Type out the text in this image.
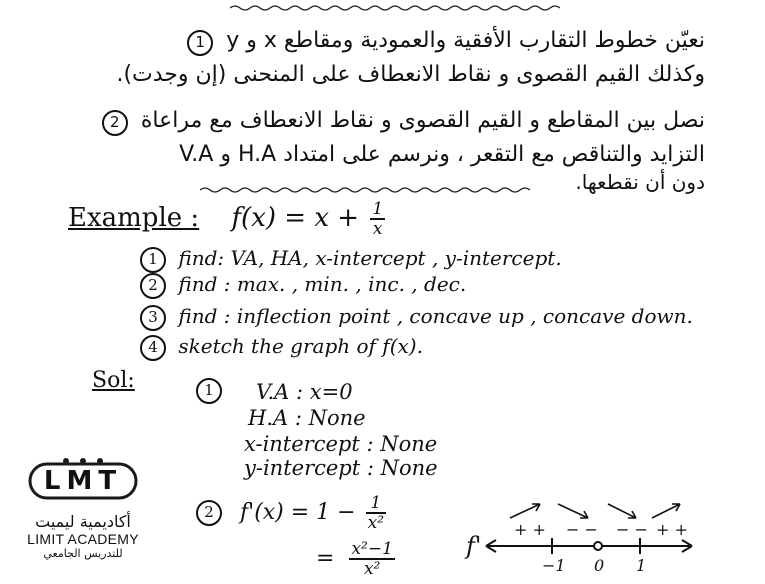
نعيّن خطوط التقارب الأفقية والعمودية ومقاطع x و y 1
وكذلك القيم القصوى و نقاط الانعطاف على المنحنى (إن وجدت).
نصل بين المقاطع و القيم القصوى و نقاط الانعطاف مع مراعاة 2
التزايد والتناقص مع التقعر ، ونرسم على امتداد H.A و V.A
دون أن نقطعها.
Example : $f(x) = x + \frac{1}{x}$
1 find: VA, HA, x-intercept , y-intercept.
2 find : max. , min. , inc. , dec.
3 find : inflection point , concave up , concave down.
4 sketch the graph of f(x).
Sol:	1	V.A : x=0
H.A : None
x-intercept : None
y-intercept : None
2	$f'(x) = 1 - \frac{1}{\text{x²}}$
= $\frac{\text{x²−1}}{\text{x²}}$	f'
+ + − − − − + +
−1 0 1
LMT
أكاديمية ليميت
LIMIT ACADEMY
للتدريس الجامعي
